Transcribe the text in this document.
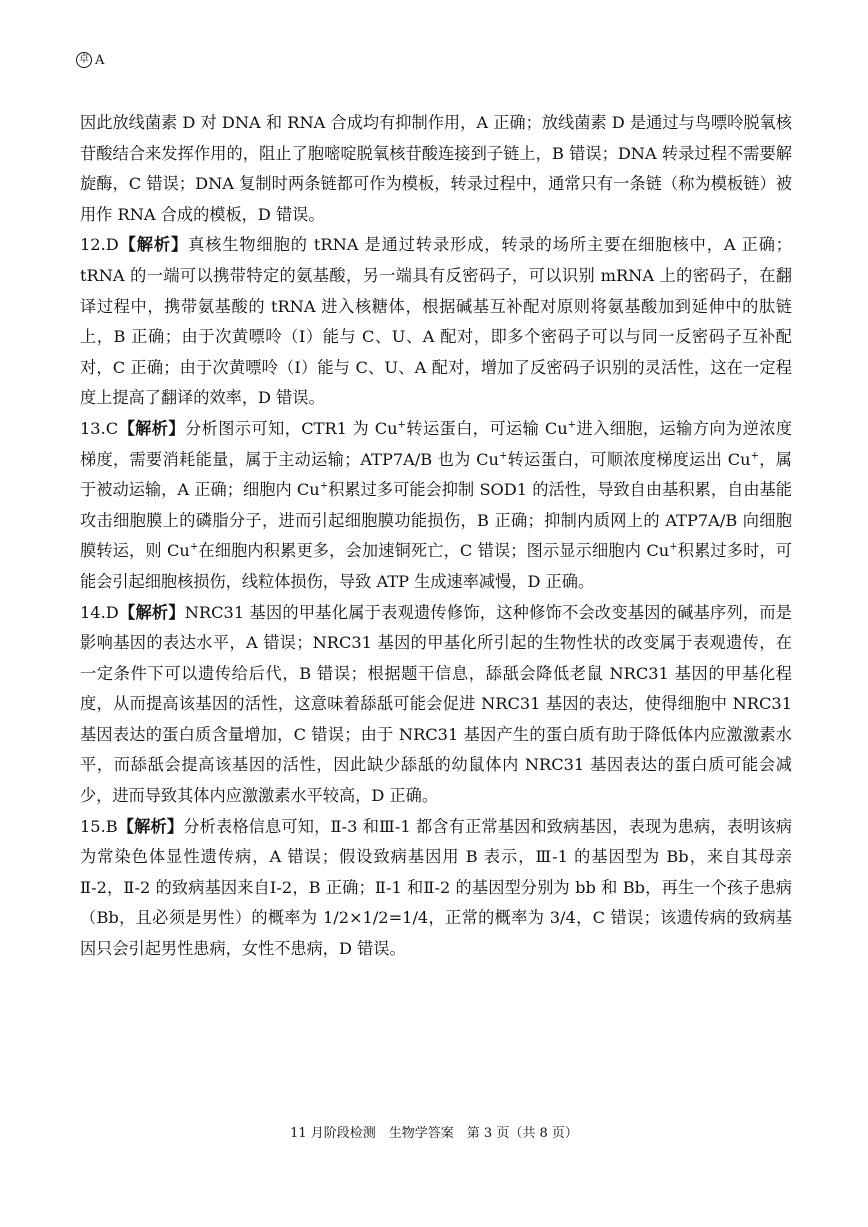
卓 A

因此放线菌素 D 对 DNA 和 RNA 合成均有抑制作用，A 正确；放线菌素 D 是通过与鸟嘌呤脱氧核苷酸结合来发挥作用的，阻止了胞嘧啶脱氧核苷酸连接到子链上，B 错误；DNA 转录过程不需要解旋酶，C 错误；DNA 复制时两条链都可作为模板，转录过程中，通常只有一条链（称为模板链）被用作 RNA 合成的模板，D 错误。

12.D【解析】真核生物细胞的 tRNA 是通过转录形成，转录的场所主要在细胞核中，A 正确；tRNA 的一端可以携带特定的氨基酸，另一端具有反密码子，可以识别 mRNA 上的密码子，在翻译过程中，携带氨基酸的 tRNA 进入核糖体，根据碱基互补配对原则将氨基酸加到延伸中的肽链上，B 正确；由于次黄嘌呤（I）能与 C、U、A 配对，即多个密码子可以与同一反密码子互补配对，C 正确；由于次黄嘌呤（I）能与 C、U、A 配对，增加了反密码子识别的灵活性，这在一定程度上提高了翻译的效率，D 错误。

13.C【解析】分析图示可知，CTR1 为 Cu+转运蛋白，可运输 Cu+进入细胞，运输方向为逆浓度梯度，需要消耗能量，属于主动运输；ATP7A/B 也为 Cu+转运蛋白，可顺浓度梯度运出 Cu+，属于被动运输，A 正确；细胞内 Cu+积累过多可能会抑制 SOD1 的活性，导致自由基积累，自由基能攻击细胞膜上的磷脂分子，进而引起细胞膜功能损伤，B 正确；抑制内质网上的 ATP7A/B 向细胞膜转运，则 Cu+在细胞内积累更多，会加速铜死亡，C 错误；图示显示细胞内 Cu+积累过多时，可能会引起细胞核损伤，线粒体损伤，导致 ATP 生成速率减慢，D 正确。

14.D【解析】NRC31 基因的甲基化属于表观遗传修饰，这种修饰不会改变基因的碱基序列，而是影响基因的表达水平，A 错误；NRC31 基因的甲基化所引起的生物性状的改变属于表观遗传，在一定条件下可以遗传给后代，B 错误；根据题干信息，舔舐会降低老鼠 NRC31 基因的甲基化程度，从而提高该基因的活性，这意味着舔舐可能会促进 NRC31 基因的表达，使得细胞中 NRC31 基因表达的蛋白质含量增加，C 错误；由于 NRC31 基因产生的蛋白质有助于降低体内应激激素水平，而舔舐会提高该基因的活性，因此缺少舔舐的幼鼠体内 NRC31 基因表达的蛋白质可能会减少，进而导致其体内应激激素水平较高，D 正确。

15.B【解析】分析表格信息可知，Ⅱ-3 和Ⅲ-1 都含有正常基因和致病基因，表现为患病，表明该病为常染色体显性遗传病，A 错误；假设致病基因用 B 表示，Ⅲ-1 的基因型为 Bb，来自其母亲Ⅱ-2，Ⅱ-2 的致病基因来自Ⅰ-2，B 正确；Ⅱ-1 和Ⅱ-2 的基因型分别为 bb 和 Bb，再生一个孩子患病（Bb，且必须是男性）的概率为 1/2×1/2=1/4，正常的概率为 3/4，C 错误；该遗传病的致病基因只会引起男性患病，女性不患病，D 错误。

11 月阶段检测　生物学答案　第 3 页（共 8 页）
